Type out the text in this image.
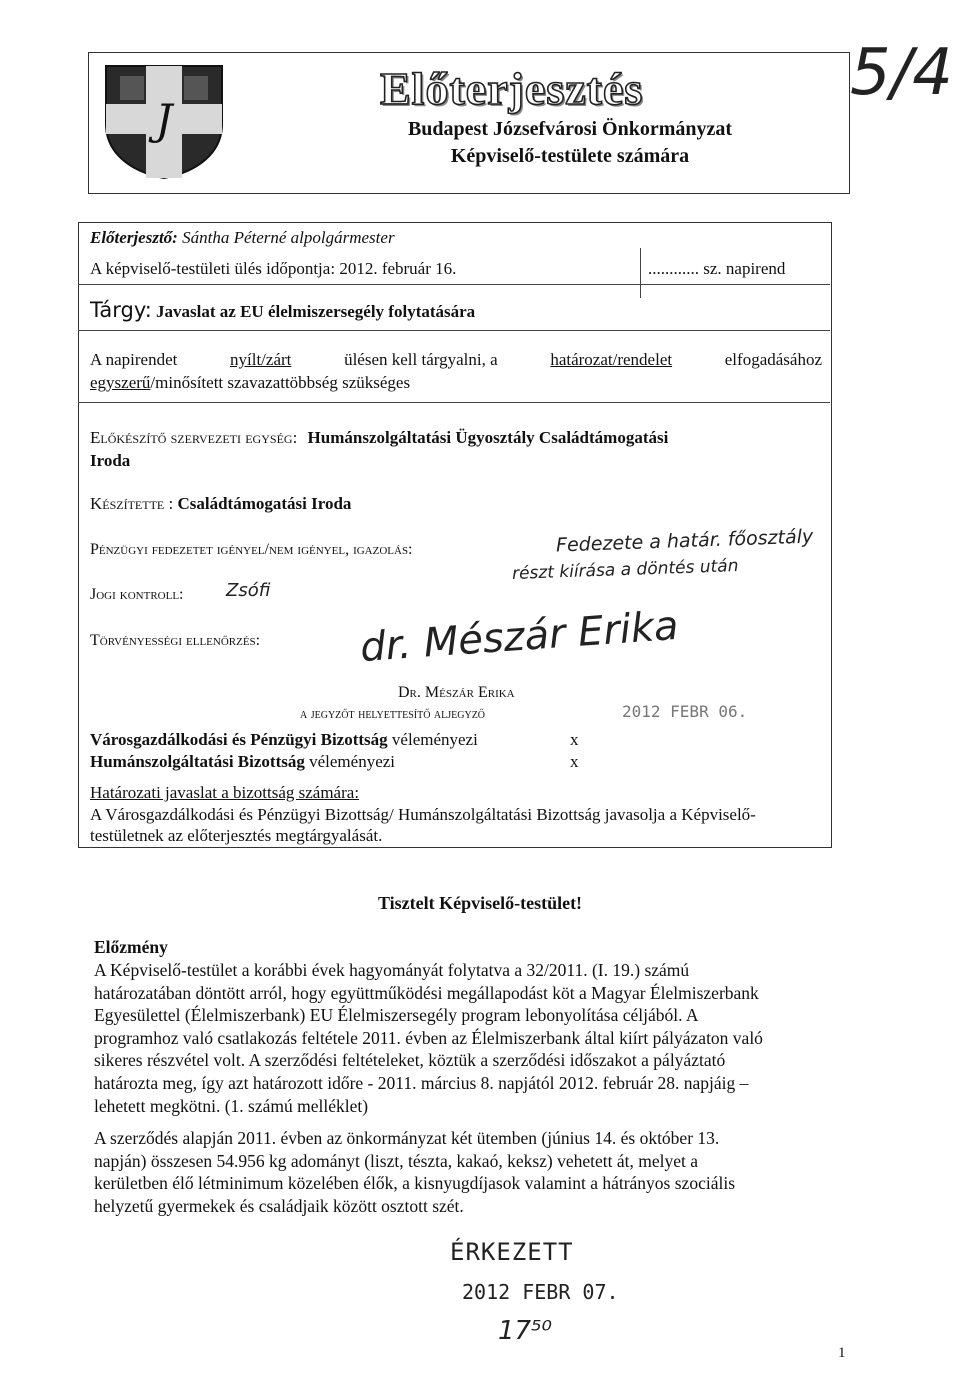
J
Előterjesztés
Budapest Józsefvárosi Önkormányzat
Képviselő-testülete számára
5/4
Előterjesztő: Sántha Péterné alpolgármester
A képviselő-testületi ülés időpontja: 2012. február 16.	............ sz. napirend
Tárgy: Javaslat az EU élelmiszersegély folytatására
A napirendet	nyílt/zárt	ülésen kell tárgyalni, a	határozat/rendelet	elfogadásához
egyszerű/minősített szavazattöbbség szükséges
Előkészítő szervezeti egység: Humánszolgáltatási Ügyosztály Családtámogatási
Iroda
Készítette : Családtámogatási Iroda
Pénzügyi fedezetet igényel/nem igényel, igazolás:	Fedezete a határ. főosztály
részt kiírása a döntés után
Jogi kontroll: Zsófi
Törvényességi ellenőrzés: dr. Mészár Erika
Dr. Mészár Erika
a jegyzőt helyettesítő aljegyző	2012 FEBR 06.
Városgazdálkodási és Pénzügyi Bizottság véleményezi	x
Humánszolgáltatási Bizottság véleményezi	x
Határozati javaslat a bizottság számára:
A Városgazdálkodási és Pénzügyi Bizottság/ Humánszolgáltatási Bizottság javasolja a Képviselő-
testületnek az előterjesztés megtárgyalását.
Tisztelt Képviselő-testület!
Előzmény
A Képviselő-testület a korábbi évek hagyományát folytatva a 32/2011. (I. 19.) számú
határozatában döntött arról, hogy együttműködési megállapodást köt a Magyar Élelmiszerbank
Egyesülettel (Élelmiszerbank) EU Élelmiszersegély program lebonyolítása céljából. A
programhoz való csatlakozás feltétele 2011. évben az Élelmiszerbank által kiírt pályázaton való
sikeres részvétel volt. A szerződési feltételeket, köztük a szerződési időszakot a pályáztató
határozta meg, így azt határozott időre - 2011. március 8. napjától 2012. február 28. napjáig –
lehetett megkötni. (1. számú melléklet)
A szerződés alapján 2011. évben az önkormányzat két ütemben (június 14. és október 13.
napján) összesen 54.956 kg adományt (liszt, tészta, kakaó, keksz) vehetett át, melyet a
kerületben élő létminimum közelében élők, a kisnyugdíjasok valamint a hátrányos szociális
helyzetű gyermekek és családjaik között osztott szét.
ÉRKEZETT
2012 FEBR 07.
17⁵⁰
1
